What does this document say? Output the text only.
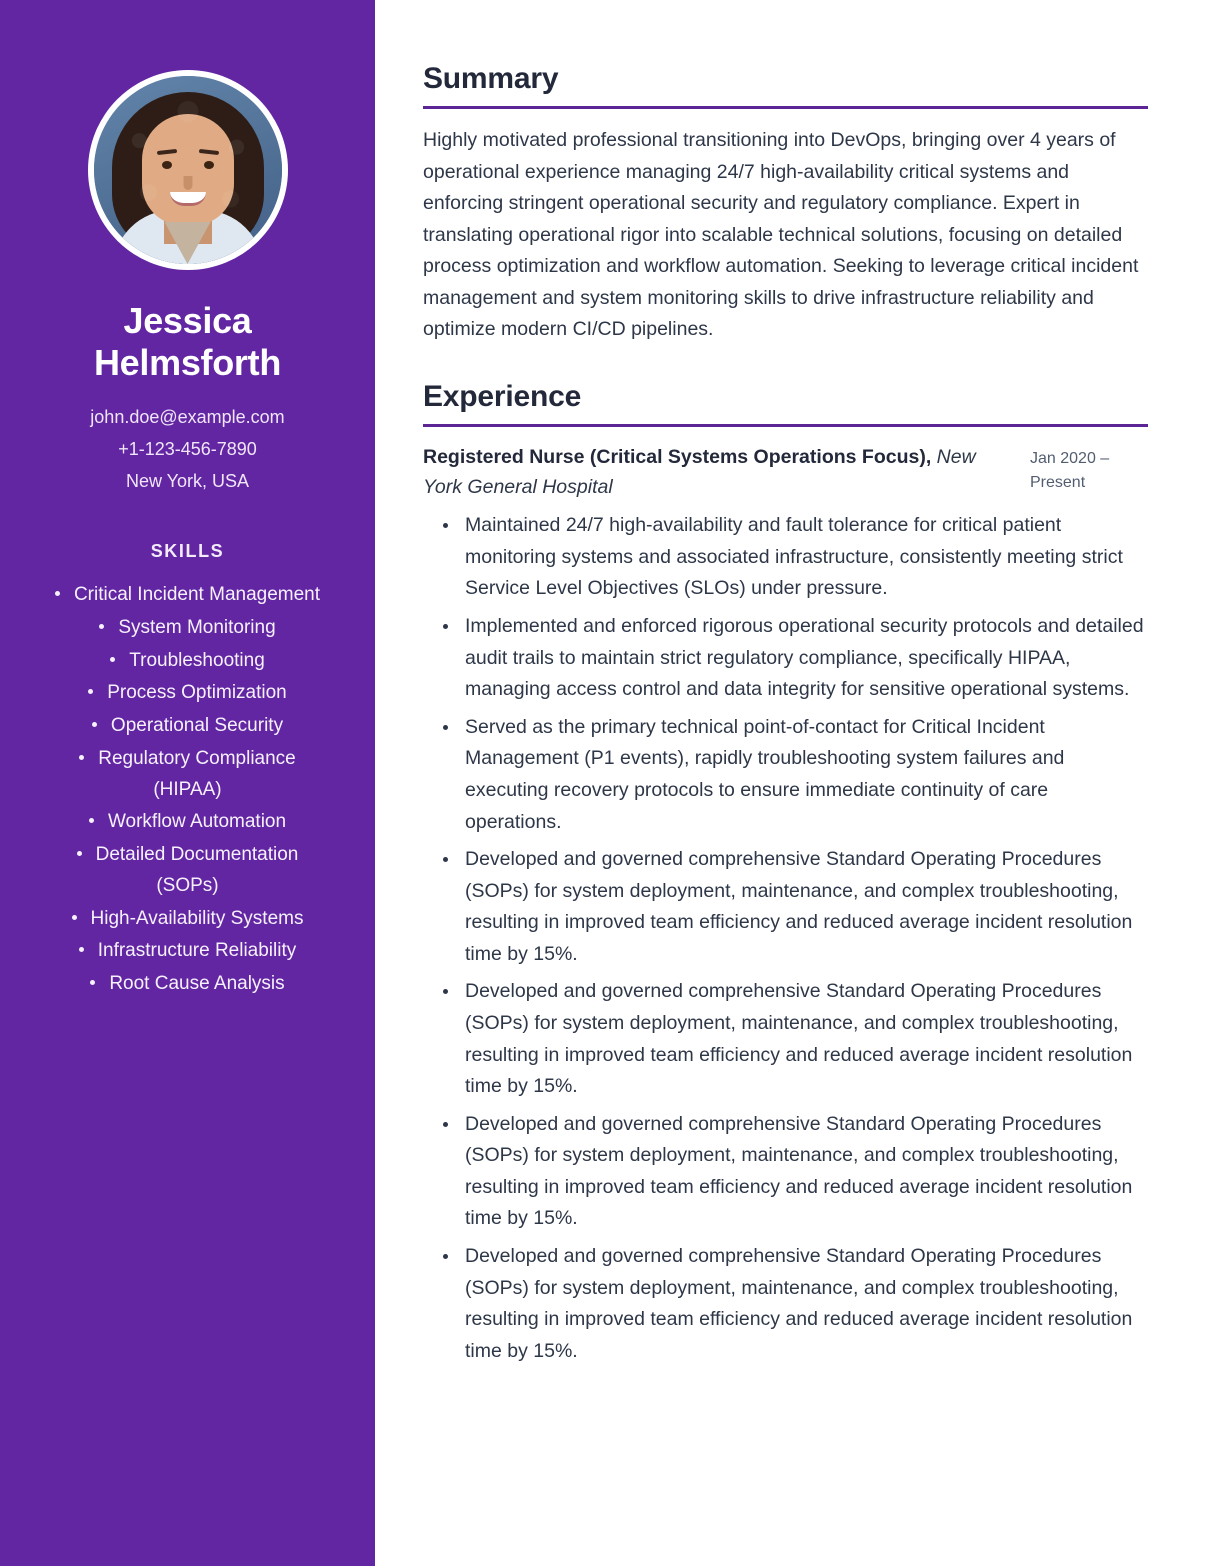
Jessica Helmsforth
john.doe@example.com
+1-123-456-7890
New York, USA
SKILLS
Critical Incident Management
System Monitoring
Troubleshooting
Process Optimization
Operational Security
Regulatory Compliance (HIPAA)
Workflow Automation
Detailed Documentation (SOPs)
High-Availability Systems
Infrastructure Reliability
Root Cause Analysis
Summary

Highly motivated professional transitioning into DevOps, bringing over 4 years of operational experience managing 24/7 high-availability critical systems and enforcing stringent operational security and regulatory compliance. Expert in translating operational rigor into scalable technical solutions, focusing on detailed process optimization and workflow automation. Seeking to leverage critical incident management and system monitoring skills to drive infrastructure reliability and optimize modern CI/CD pipelines.

Experience
Registered Nurse (Critical Systems Operations Focus), New York General Hospital
Jan 2020 – Present
Maintained 24/7 high-availability and fault tolerance for critical patient monitoring systems and associated infrastructure, consistently meeting strict Service Level Objectives (SLOs) under pressure.
Implemented and enforced rigorous operational security protocols and detailed audit trails to maintain strict regulatory compliance, specifically HIPAA, managing access control and data integrity for sensitive operational systems.
Served as the primary technical point-of-contact for Critical Incident Management (P1 events), rapidly troubleshooting system failures and executing recovery protocols to ensure immediate continuity of care operations.
Developed and governed comprehensive Standard Operating Procedures (SOPs) for system deployment, maintenance, and complex troubleshooting, resulting in improved team efficiency and reduced average incident resolution time by 15%.
Developed and governed comprehensive Standard Operating Procedures (SOPs) for system deployment, maintenance, and complex troubleshooting, resulting in improved team efficiency and reduced average incident resolution time by 15%.
Developed and governed comprehensive Standard Operating Procedures (SOPs) for system deployment, maintenance, and complex troubleshooting, resulting in improved team efficiency and reduced average incident resolution time by 15%.
Developed and governed comprehensive Standard Operating Procedures (SOPs) for system deployment, maintenance, and complex troubleshooting, resulting in improved team efficiency and reduced average incident resolution time by 15%.
